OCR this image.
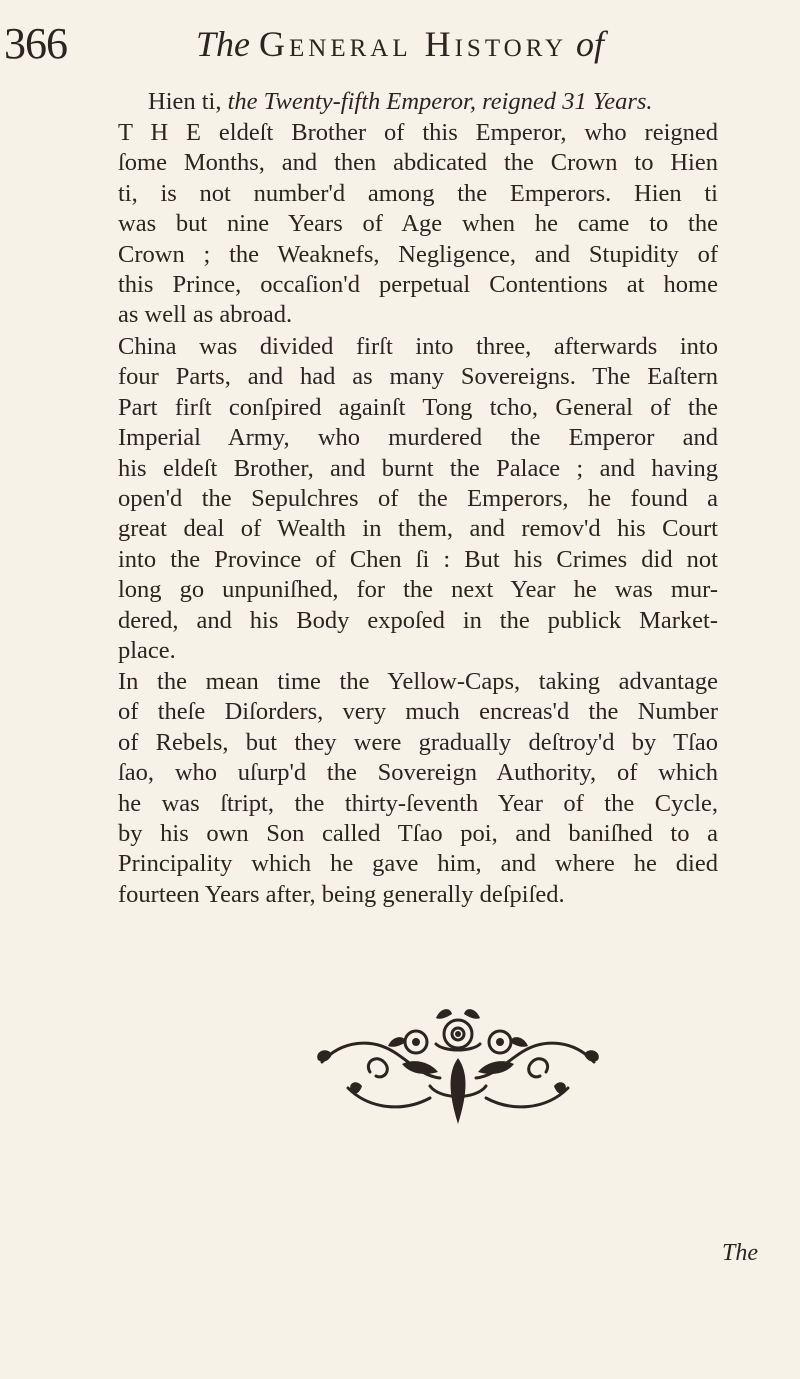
366	The General History of
Hien ti, the Twenty-fifth Emperor, reigned 31 Years.
T H E eldeſt Brother of this Emperor, who reigned
ſome Months, and then abdicated the Crown to Hien
ti, is not number'd among the Emperors. Hien ti
was but nine Years of Age when he came to the
Crown ; the Weaknefs, Negligence, and Stupidity of
this Prince, occaſion'd perpetual Contentions at home
as well as abroad.
China was divided firſt into three, afterwards into
four Parts, and had as many Sovereigns. The Eaſtern
Part firſt conſpired againſt Tong tcho, General of the
Imperial Army, who murdered the Emperor and
his eldeſt Brother, and burnt the Palace ; and having
open'd the Sepulchres of the Emperors, he found a
great deal of Wealth in them, and remov'd his Court
into the Province of Chen ſi : But his Crimes did not
long go unpuniſhed, for the next Year he was mur-
dered, and his Body expoſed in the publick Market-
place.
In the mean time the Yellow-Caps, taking advantage
of theſe Diſorders, very much encreas'd the Number
of Rebels, but they were gradually deſtroy'd by Tſao
ſao, who uſurp'd the Sovereign Authority, of which
he was ſtript, the thirty-ſeventh Year of the Cycle,
by his own Son called Tſao poi, and baniſhed to a
Principality which he gave him, and where he died
fourteen Years after, being generally deſpiſed.
The
